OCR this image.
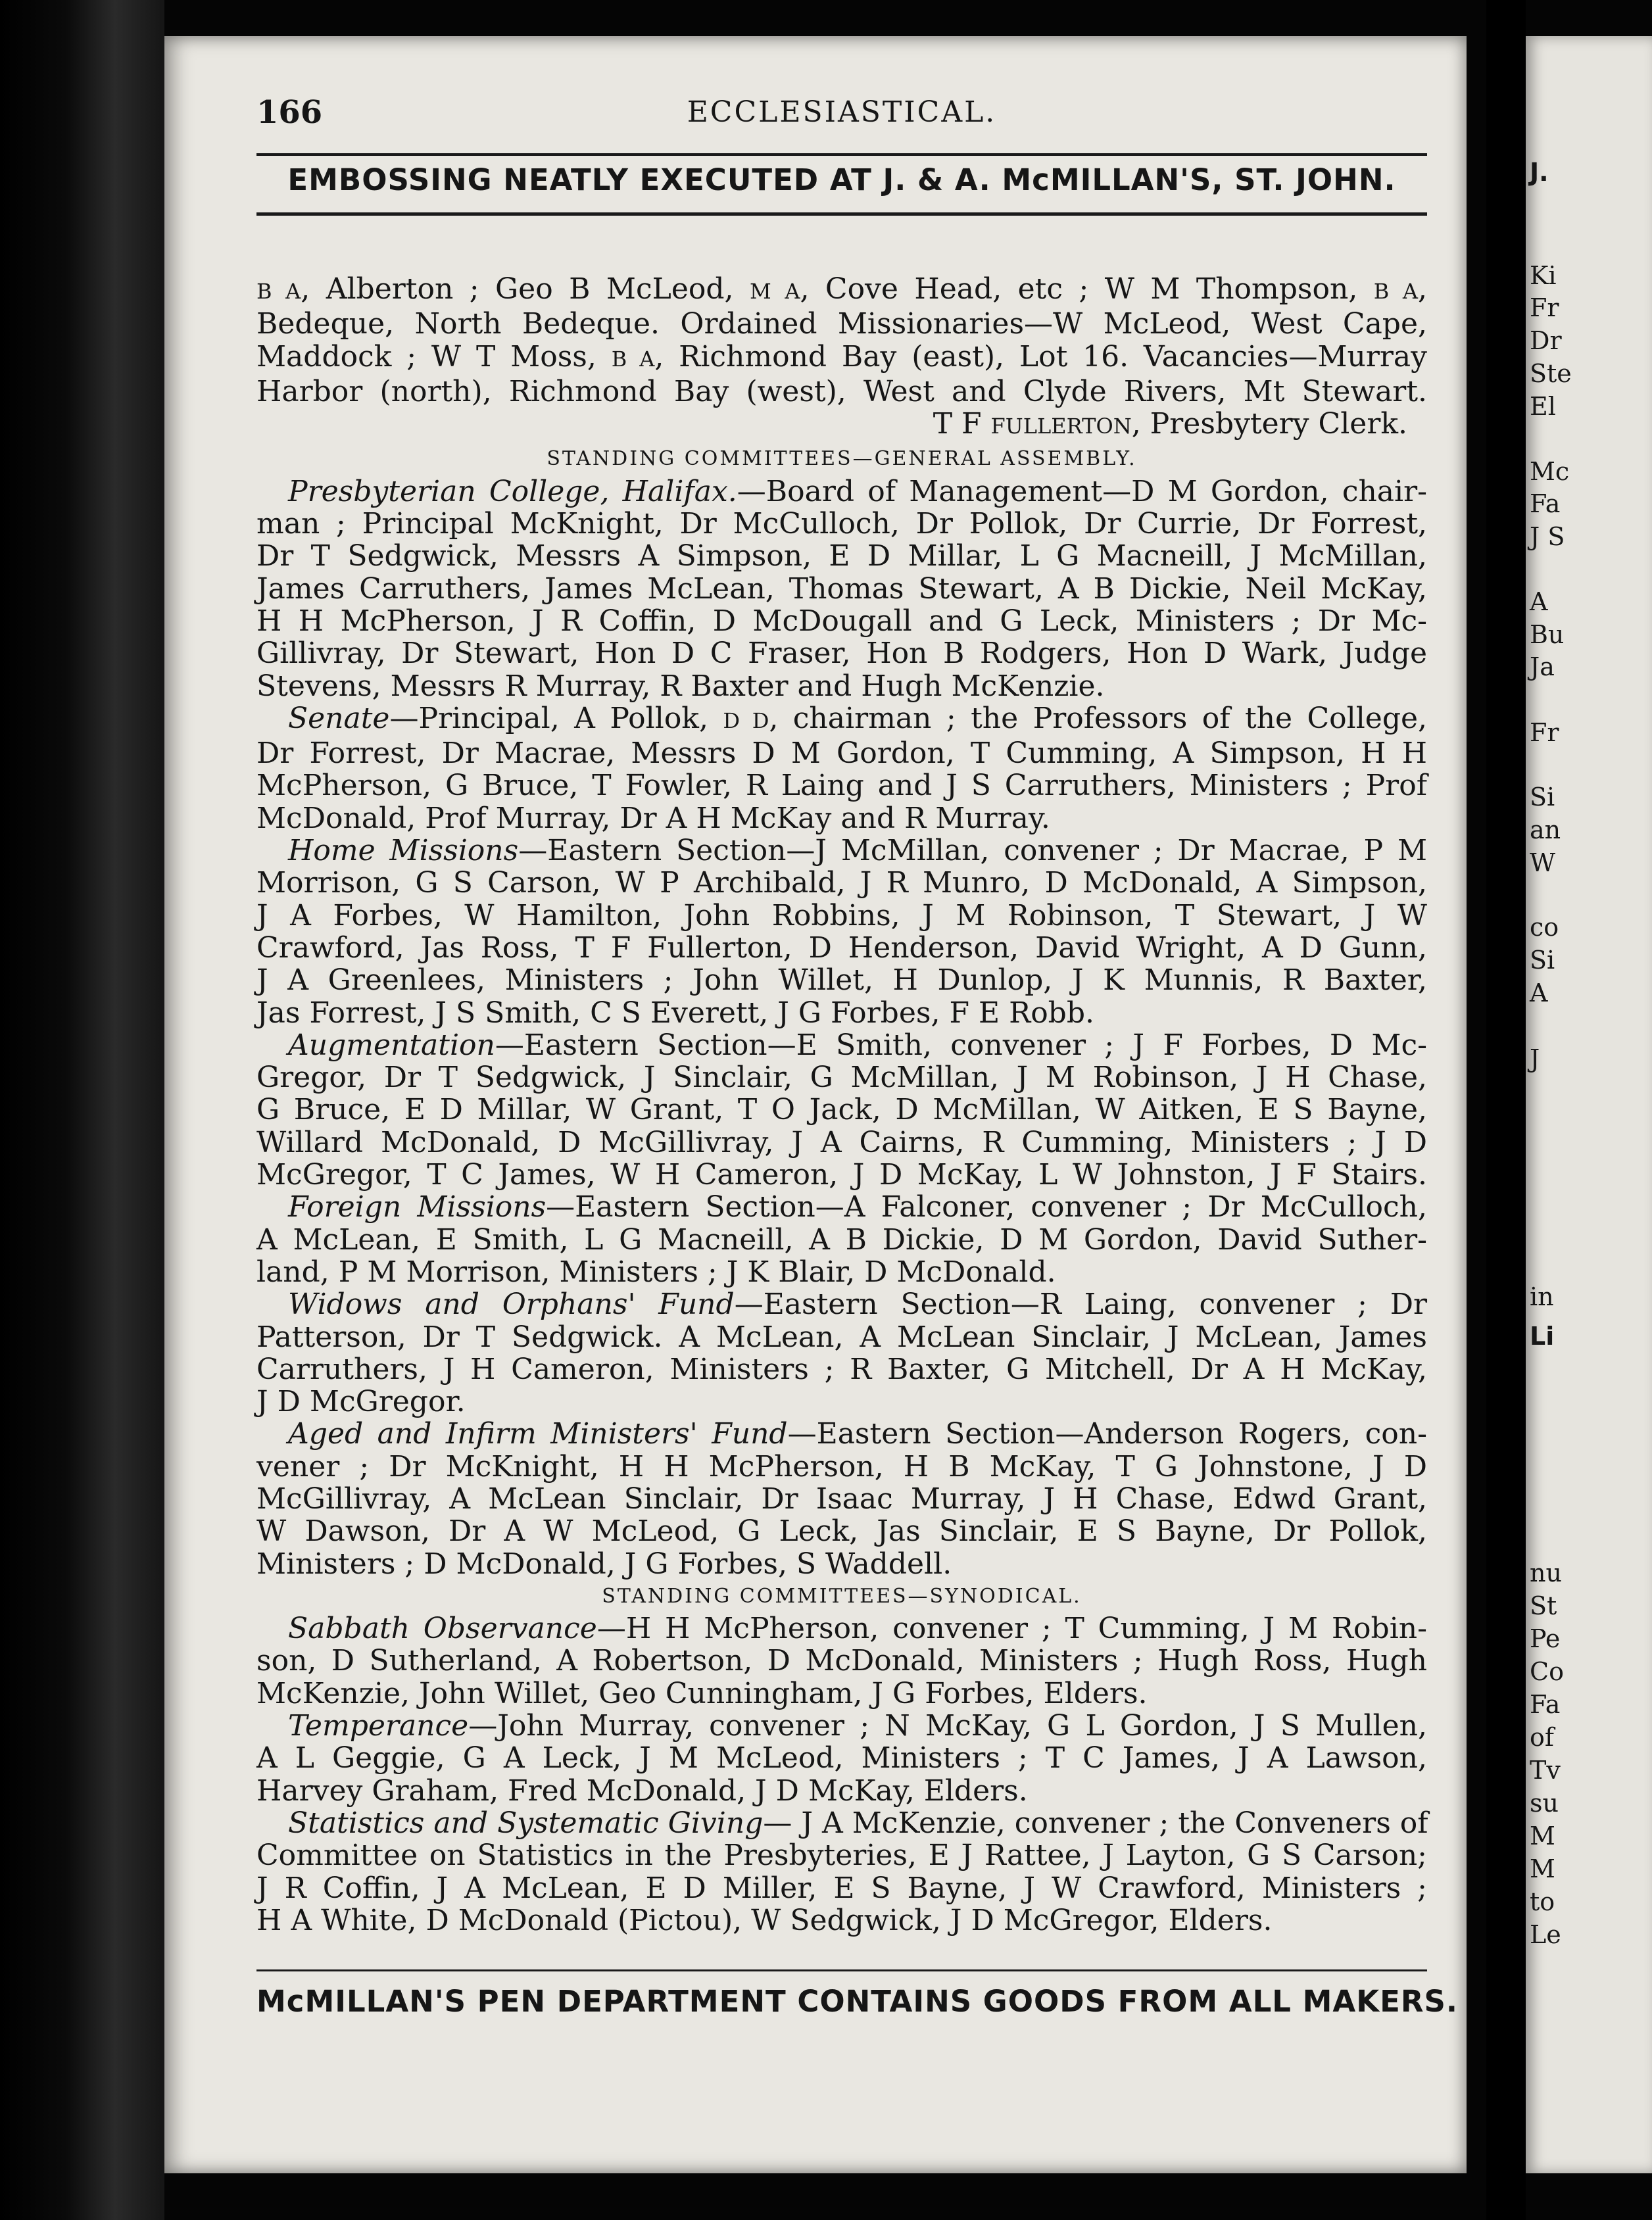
166	ECCLESIASTICAL.
EMBOSSING NEATLY EXECUTED AT J. & A. McMILLAN'S, ST. JOHN.
B A, Alberton ; Geo B McLeod, M A, Cove Head, etc ; W M Thompson, B A,
Bedeque, North Bedeque. Ordained Missionaries—W McLeod, West Cape,
Maddock ; W T Moss, B A, Richmond Bay (east), Lot 16. Vacancies—Murray
Harbor (north), Richmond Bay (west), West and Clyde Rivers, Mt Stewart.
T F FULLERTON, Presbytery Clerk.
STANDING COMMITTEES—GENERAL ASSEMBLY.
Presbyterian College, Halifax.—Board of Management—D M Gordon, chair-
man ; Principal McKnight, Dr McCulloch, Dr Pollok, Dr Currie, Dr Forrest,
Dr T Sedgwick, Messrs A Simpson, E D Millar, L G Macneill, J McMillan,
James Carruthers, James McLean, Thomas Stewart, A B Dickie, Neil McKay,
H H McPherson, J R Coffin, D McDougall and G Leck, Ministers ; Dr Mc-
Gillivray, Dr Stewart, Hon D C Fraser, Hon B Rodgers, Hon D Wark, Judge
Stevens, Messrs R Murray, R Baxter and Hugh McKenzie.
Senate—Principal, A Pollok, D D, chairman ; the Professors of the College,
Dr Forrest, Dr Macrae, Messrs D M Gordon, T Cumming, A Simpson, H H
McPherson, G Bruce, T Fowler, R Laing and J S Carruthers, Ministers ; Prof
McDonald, Prof Murray, Dr A H McKay and R Murray.
Home Missions—Eastern Section—J McMillan, convener ; Dr Macrae, P M
Morrison, G S Carson, W P Archibald, J R Munro, D McDonald, A Simpson,
J A Forbes, W Hamilton, John Robbins, J M Robinson, T Stewart, J W
Crawford, Jas Ross, T F Fullerton, D Henderson, David Wright, A D Gunn,
J A Greenlees, Ministers ; John Willet, H Dunlop, J K Munnis, R Baxter,
Jas Forrest, J S Smith, C S Everett, J G Forbes, F E Robb.
Augmentation—Eastern Section—E Smith, convener ; J F Forbes, D Mc-
Gregor, Dr T Sedgwick, J Sinclair, G McMillan, J M Robinson, J H Chase,
G Bruce, E D Millar, W Grant, T O Jack, D McMillan, W Aitken, E S Bayne,
Willard McDonald, D McGillivray, J A Cairns, R Cumming, Ministers ; J D
McGregor, T C James, W H Cameron, J D McKay, L W Johnston, J F Stairs.
Foreign Missions—Eastern Section—A Falconer, convener ; Dr McCulloch,
A McLean, E Smith, L G Macneill, A B Dickie, D M Gordon, David Suther-
land, P M Morrison, Ministers ; J K Blair, D McDonald.
Widows and Orphans' Fund—Eastern Section—R Laing, convener ; Dr
Patterson, Dr T Sedgwick. A McLean, A McLean Sinclair, J McLean, James
Carruthers, J H Cameron, Ministers ; R Baxter, G Mitchell, Dr A H McKay,
J D McGregor.
Aged and Infirm Ministers' Fund—Eastern Section—Anderson Rogers, con-
vener ; Dr McKnight, H H McPherson, H B McKay, T G Johnstone, J D
McGillivray, A McLean Sinclair, Dr Isaac Murray, J H Chase, Edwd Grant,
W Dawson, Dr A W McLeod, G Leck, Jas Sinclair, E S Bayne, Dr Pollok,
Ministers ; D McDonald, J G Forbes, S Waddell.
STANDING COMMITTEES—SYNODICAL.
Sabbath Observance—H H McPherson, convener ; T Cumming, J M Robin-
son, D Sutherland, A Robertson, D McDonald, Ministers ; Hugh Ross, Hugh
McKenzie, John Willet, Geo Cunningham, J G Forbes, Elders.
Temperance—John Murray, convener ; N McKay, G L Gordon, J S Mullen,
A L Geggie, G A Leck, J M McLeod, Ministers ; T C James, J A Lawson,
Harvey Graham, Fred McDonald, J D McKay, Elders.
Statistics and Systematic Giving— J A McKenzie, convener ; the Conveners of
Committee on Statistics in the Presbyteries, E J Rattee, J Layton, G S Carson;
J R Coffin, J A McLean, E D Miller, E S Bayne, J W Crawford, Ministers ;
H A White, D McDonald (Pictou), W Sedgwick, J D McGregor, Elders.
McMILLAN'S PEN DEPARTMENT CONTAINS GOODS FROM ALL MAKERS.
J.
Ki
Fr
Dr
Ste
El
Mc
Fa
J S
A
Bu
Ja
Fr
Si
an
W
co
Si
A
J
in
Li
nu
St
Pe
Co
Fa
of
Tv
su
M
M
to
Le
